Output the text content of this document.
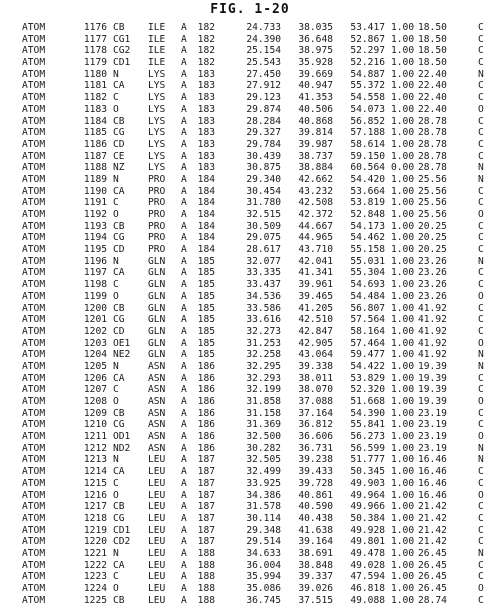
FIG. 1-20
ATOM	1176 CB ILE A	182	24.733	38.035	53.417 1.00 18.50	C
ATOM	1177 CG1 ILE A	182	24.390	36.648	52.867 1.00 18.50	C
ATOM	1178 CG2 ILE A	182	25.154	38.975	52.297 1.00 18.50	C
ATOM	1179 CD1 ILE A	182	25.543	35.928	52.216 1.00 18.50	C
ATOM	1180 N	LYS A	183	27.450	39.669	54.887 1.00 22.40	N
ATOM	1181 CA LYS A	183	27.912	40.947	55.372 1.00 22.40	C
ATOM	1182 C	LYS A	183	29.123	41.353	54.558 1.00 22.40	C
ATOM	1183 O	LYS A	183	29.874	40.506	54.073 1.00 22.40	O
ATOM	1184 CB LYS A	183	28.284	40.868	56.852 1.00 28.78	C
ATOM	1185 CG LYS A	183	29.327	39.814	57.188 1.00 28.78	C
ATOM	1186 CD LYS A	183	29.784	39.987	58.614 1.00 28.78	C
ATOM	1187 CE LYS A	183	30.439	38.737	59.150 1.00 28.78	C
ATOM	1188 NZ LYS A	183	30.875	38.884	60.564 0.00 28.78	N
ATOM	1189 N	PRO A	184	29.340	42.662	54.420 1.00 25.56	N
ATOM	1190 CA PRO A	184	30.454	43.232	53.664 1.00 25.56	C
ATOM	1191 C	PRO A	184	31.780	42.508	53.819 1.00 25.56	C
ATOM	1192 O	PRO A	184	32.515	42.372	52.848 1.00 25.56	O
ATOM	1193 CB PRO A	184	30.509	44.667	54.173 1.00 20.25	C
ATOM	1194 CG PRO A	184	29.075	44.965	54.462 1.00 20.25	C
ATOM	1195 CD PRO A	184	28.617	43.710	55.158 1.00 20.25	C
ATOM	1196 N	GLN A	185	32.077	42.041	55.031 1.00 23.26	N
ATOM	1197 CA GLN A	185	33.335	41.341	55.304 1.00 23.26	C
ATOM	1198 C	GLN A	185	33.437	39.961	54.693 1.00 23.26	C
ATOM	1199 O	GLN A	185	34.536	39.465	54.484 1.00 23.26	O
ATOM	1200 CB GLN A	185	33.586	41.205	56.807 1.00 41.92	C
ATOM	1201 CG GLN A	185	33.616	42.510	57.564 1.00 41.92	C
ATOM	1202 CD GLN A	185	32.273	42.847	58.164 1.00 41.92	C
ATOM	1203 OE1 GLN A	185	31.253	42.905	57.464 1.00 41.92	O
ATOM	1204 NE2 GLN A	185	32.258	43.064	59.477 1.00 41.92	N
ATOM	1205 N	ASN A	186	32.295	39.338	54.422 1.00 19.39	N
ATOM	1206 CA ASN A	186	32.293	38.011	53.829 1.00 19.39	C
ATOM	1207 C	ASN A	186	32.199	38.070	52.320 1.00 19.39	C
ATOM	1208 O	ASN A	186	31.858	37.088	51.668 1.00 19.39	O
ATOM	1209 CB ASN A	186	31.158	37.164	54.390 1.00 23.19	C
ATOM	1210 CG ASN A	186	31.369	36.812	55.841 1.00 23.19	C
ATOM	1211 OD1 ASN A	186	32.500	36.606	56.273 1.00 23.19	O
ATOM	1212 ND2 ASN A	186	30.282	36.731	56.599 1.00 23.19	N
ATOM	1213 N	LEU A	187	32.505	39.238	51.777 1.00 16.46	N
ATOM	1214 CA LEU A	187	32.499	39.433	50.345 1.00 16.46	C
ATOM	1215 C	LEU A	187	33.925	39.728	49.903 1.00 16.46	C
ATOM	1216 O	LEU A	187	34.386	40.861	49.964 1.00 16.46	O
ATOM	1217 CB LEU A	187	31.578	40.590	49.966 1.00 21.42	C
ATOM	1218 CG LEU A	187	30.114	40.438	50.384 1.00 21.42	C
ATOM	1219 CD1 LEU A	187	29.348	41.638	49.928 1.00 21.42	C
ATOM	1220 CD2 LEU A	187	29.514	39.164	49.801 1.00 21.42	C
ATOM	1221 N	LEU A	188	34.633	38.691	49.478 1.00 26.45	N
ATOM	1222 CA LEU A	188	36.004	38.848	49.028 1.00 26.45	C
ATOM	1223 C	LEU A	188	35.994	39.337	47.594 1.00 26.45	C
ATOM	1224 O	LEU A	188	35.086	39.026	46.818 1.00 26.45	O
ATOM	1225 CB LEU A	188	36.745	37.515	49.088 1.00 28.74	C
